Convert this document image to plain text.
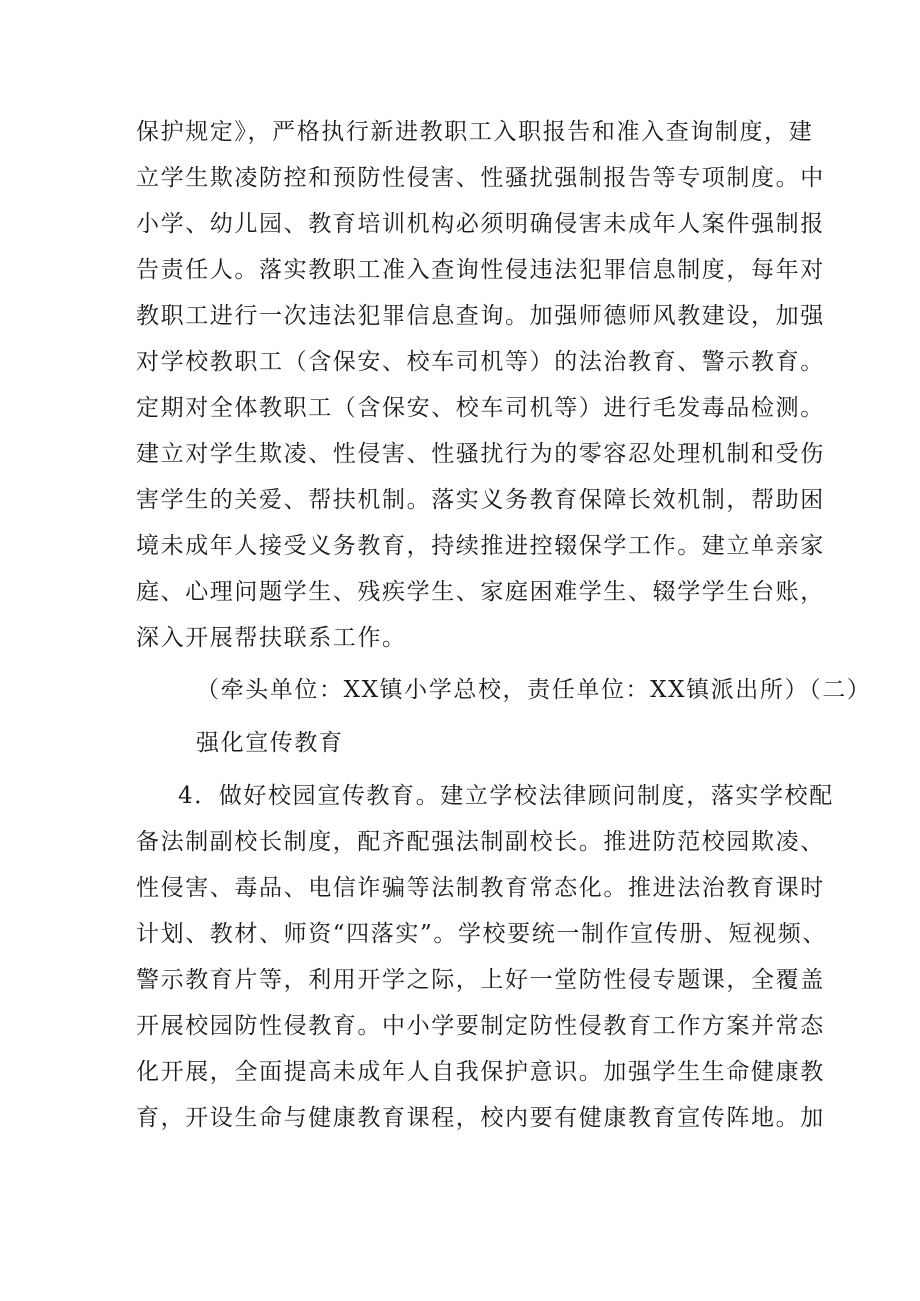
保护规定》，严格执行新进教职工入职报告和准入查询制度，建
立学生欺凌防控和预防性侵害、性骚扰强制报告等专项制度。中
小学、幼儿园、教育培训机构必须明确侵害未成年人案件强制报
告责任人。落实教职工准入查询性侵违法犯罪信息制度，每年对
教职工进行一次违法犯罪信息查询。加强师德师风教建设，加强
对学校教职工（含保安、校车司机等）的法治教育、警示教育。
定期对全体教职工（含保安、校车司机等）进行毛发毒品检测。
建立对学生欺凌、性侵害、性骚扰行为的零容忍处理机制和受伤
害学生的关爱、帮扶机制。落实义务教育保障长效机制，帮助困
境未成年人接受义务教育，持续推进控辍保学工作。建立单亲家
庭、心理问题学生、残疾学生、家庭困难学生、辍学学生台账，
深入开展帮扶联系工作。
（牵头单位：XX镇小学总校，责任单位：XX镇派出所）（二）
强化宣传教育
4．做好校园宣传教育。建立学校法律顾问制度，落实学校配
备法制副校长制度，配齐配强法制副校长。推进防范校园欺凌、
性侵害、毒品、电信诈骗等法制教育常态化。推进法治教育课时
计划、教材、师资“四落实”。学校要统一制作宣传册、短视频、
警示教育片等，利用开学之际，上好一堂防性侵专题课，全覆盖
开展校园防性侵教育。中小学要制定防性侵教育工作方案并常态
化开展，全面提高未成年人自我保护意识。加强学生生命健康教
育，开设生命与健康教育课程，校内要有健康教育宣传阵地。加
